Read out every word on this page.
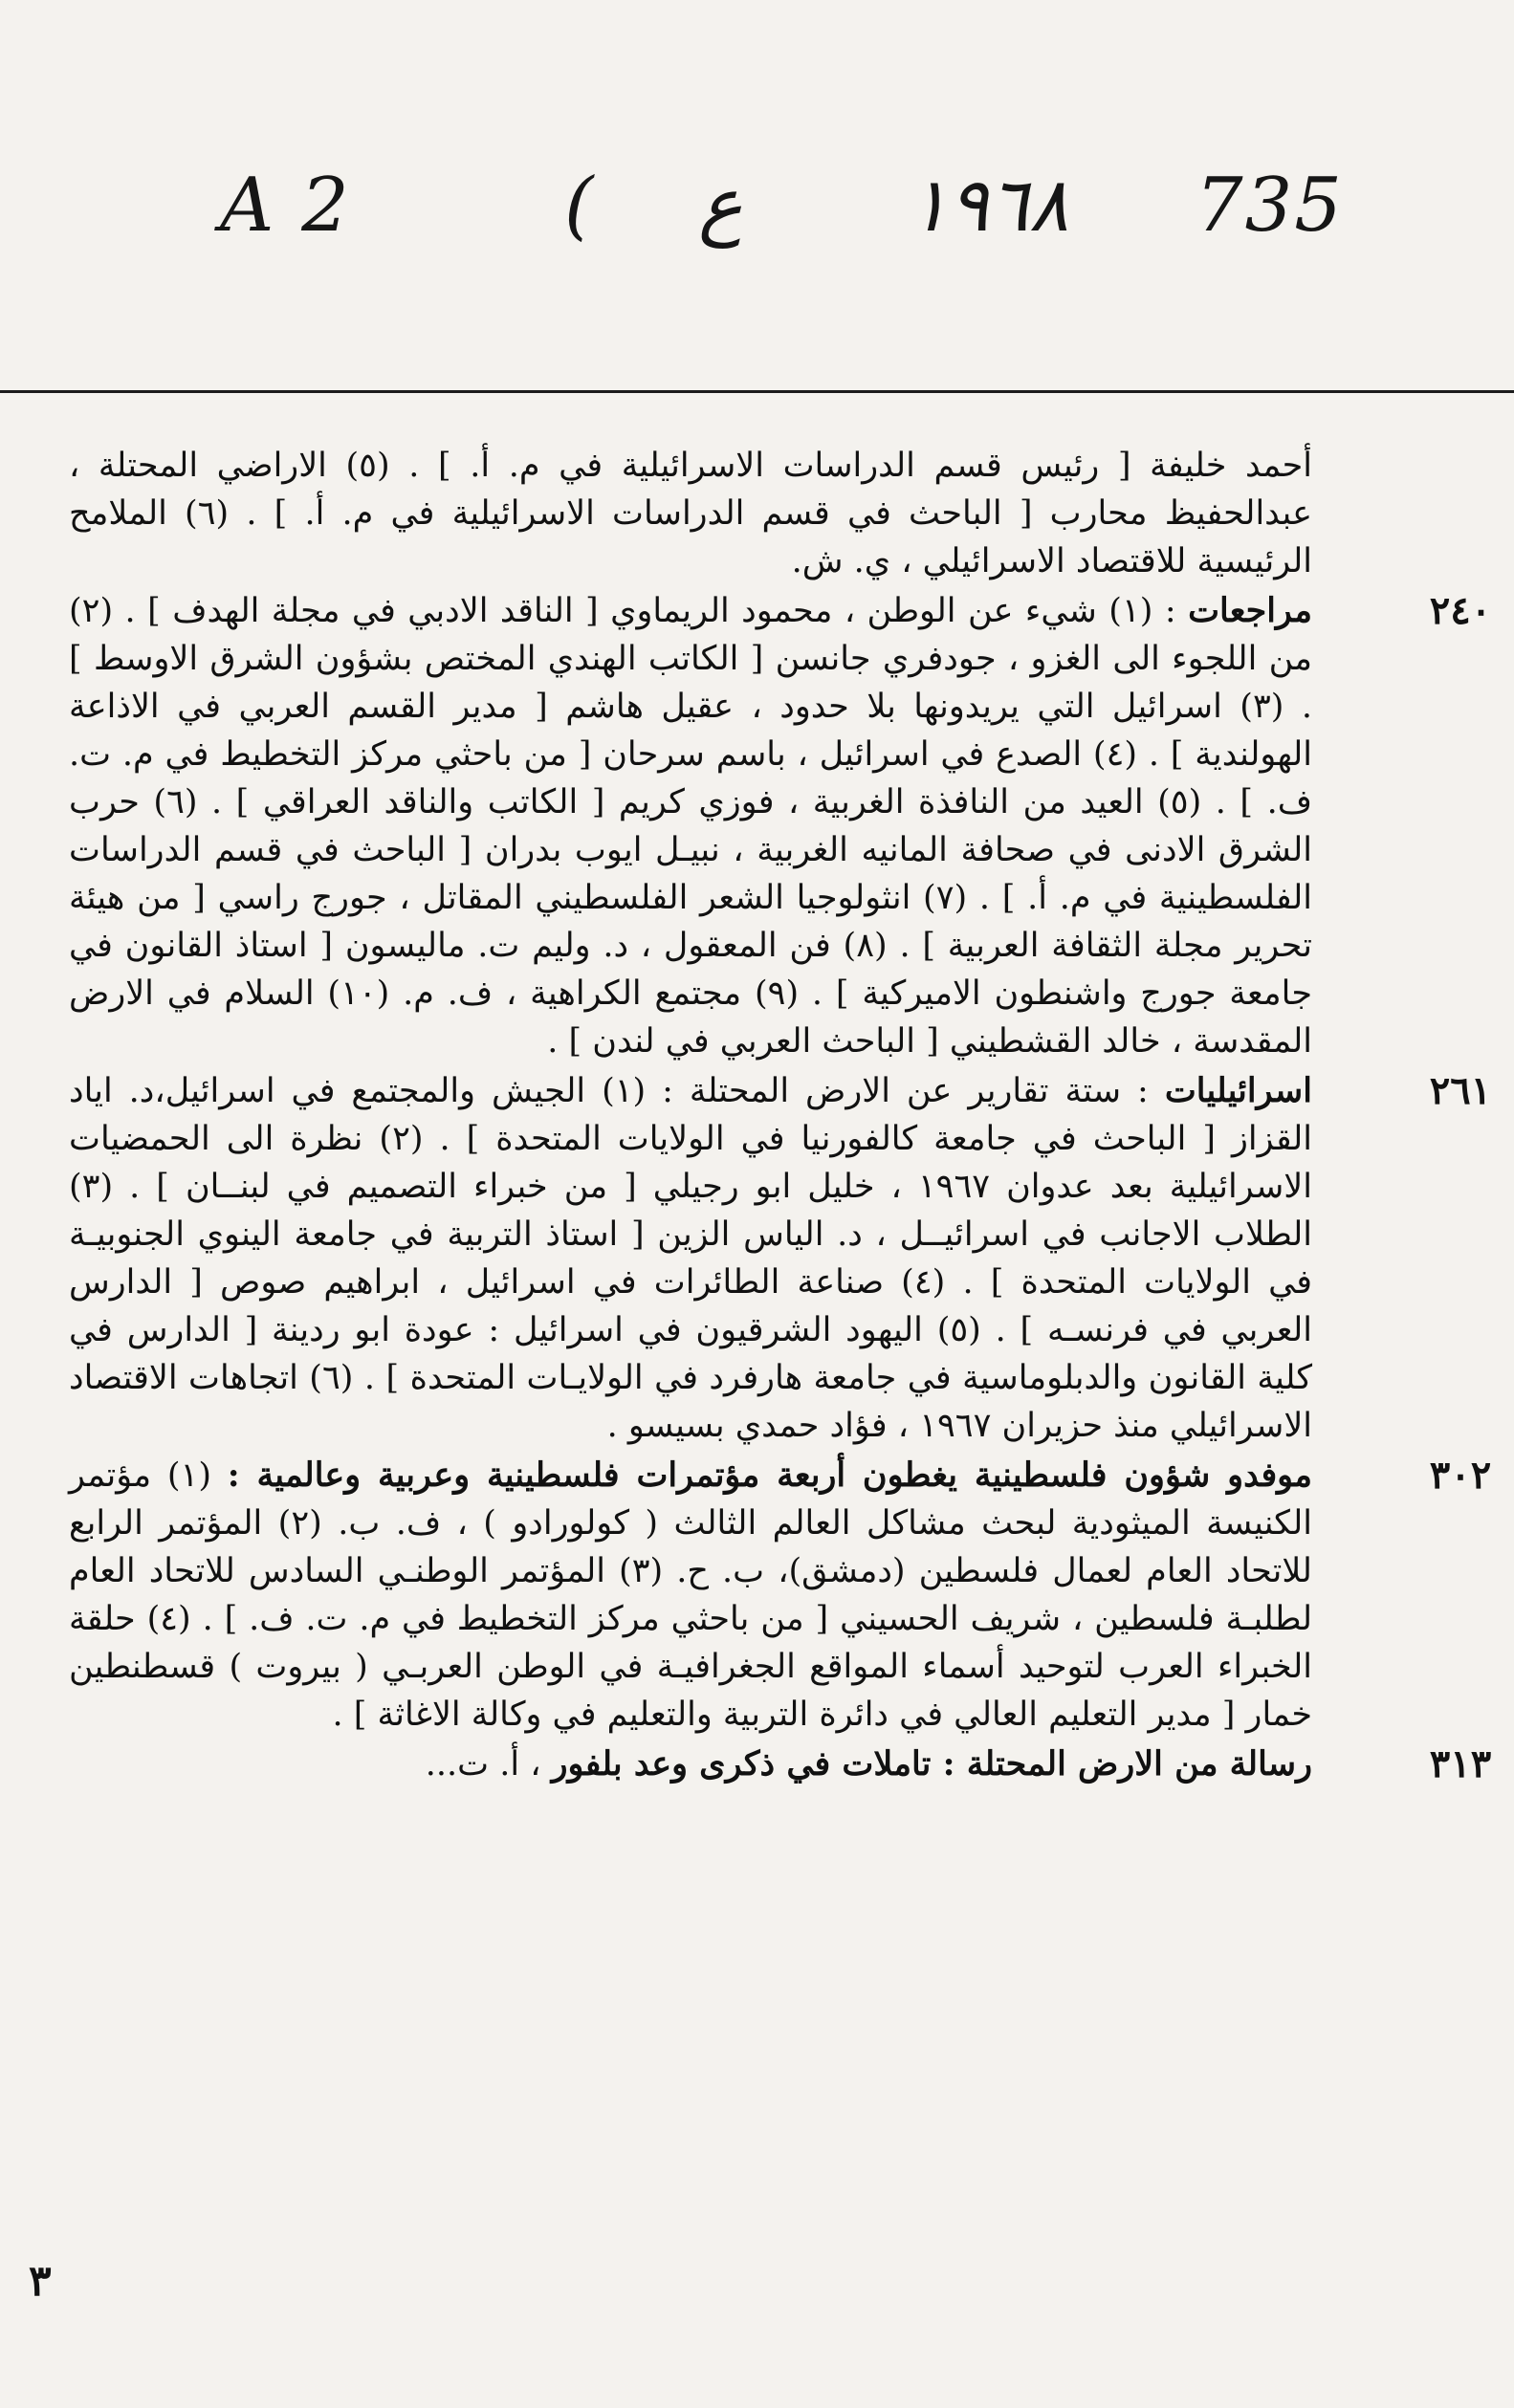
A 2	( ع ١٩٦٨ 735

أحمد خليفة [ رئيس قسم الدراسات الاسرائيلية في م. أ. ] . (٥) الاراضي المحتلة ، عبدالحفيظ محارب [ الباحث في قسم الدراسات الاسرائيلية في م. أ. ] . (٦) الملامح الرئيسية للاقتصاد الاسرائيلي ، ي. ش.

٢٤٠

مراجعات : (١) شيء عن الوطن ، محمود الريماوي [ الناقد الادبي في مجلة الهدف ] . (٢) من اللجوء الى الغزو ، جودفري جانسن [ الكاتب الهندي المختص بشؤون الشرق الاوسط ] . (٣) اسرائيل التي يريدونها بلا حدود ، عقيل هاشم [ مدير القسم العربي في الاذاعة الهولندية ] . (٤) الصدع في اسرائيل ، باسم سرحان [ من باحثي مركز التخطيط في م. ت. ف. ] . (٥) العيد من النافذة الغربية ، فوزي كريم [ الكاتب والناقد العراقي ] . (٦) حرب الشرق الادنى في صحافة المانيه الغربية ، نبيـل ايوب بدران [ الباحث في قسم الدراسات الفلسطينية في م. أ. ] . (٧) انثولوجيا الشعر الفلسطيني المقاتل ، جورج راسي [ من هيئة تحرير مجلة الثقافة العربية ] . (٨) فن المعقول ، د. وليم ت. ماليسون [ استاذ القانون في جامعة جورج واشنطون الاميركية ] . (٩) مجتمع الكراهية ، ف. م. (١٠) السلام في الارض المقدسة ، خالد القشطيني [ الباحث العربي في لندن ] .

٢٦١

اسرائيليات : ستة تقارير عن الارض المحتلة : (١) الجيش والمجتمع في اسرائيل،د. اياد القزاز [ الباحث في جامعة كالفورنيا في الولايات المتحدة ] . (٢) نظرة الى الحمضيات الاسرائيلية بعد عدوان ١٩٦٧ ، خليل ابو رجيلي [ من خبراء التصميم في لبنــان ] . (٣) الطلاب الاجانب في اسرائيــل ، د. الياس الزين [ استاذ التربية في جامعة الينوي الجنوبيـة في الولايات المتحدة ] . (٤) صناعة الطائرات في اسرائيل ، ابراهيم صوص [ الدارس العربي في فرنسـه ] . (٥) اليهود الشرقيون في اسرائيل : عودة ابو ردينة [ الدارس في كلية القانون والدبلوماسية في جامعة هارفرد في الولايـات المتحدة ] . (٦) اتجاهات الاقتصاد الاسرائيلي منذ حزيران ١٩٦٧ ، فؤاد حمدي بسيسو .

٣٠٢

موفدو شؤون فلسطينية يغطون أربعة مؤتمرات فلسطينية وعربية وعالمية : (١) مؤتمر الكنيسة الميثودية لبحث مشاكل العالم الثالث ( كولورادو ) ، ف. ب. (٢) المؤتمر الرابع للاتحاد العام لعمال فلسطين (دمشق)، ب. ح. (٣) المؤتمر الوطنـي السادس للاتحاد العام لطلبـة فلسطين ، شريف الحسيني [ من باحثي مركز التخطيط في م. ت. ف. ] . (٤) حلقة الخبراء العرب لتوحيد أسماء المواقع الجغرافيـة في الوطن العربـي ( بيروت ) قسطنطين خمار [ مدير التعليم العالي في دائرة التربية والتعليم في وكالة الاغاثة ] .

٣١٣

رسالة من الارض المحتلة : تاملات في ذكرى وعد بلفور ، أ. ت...

٣
